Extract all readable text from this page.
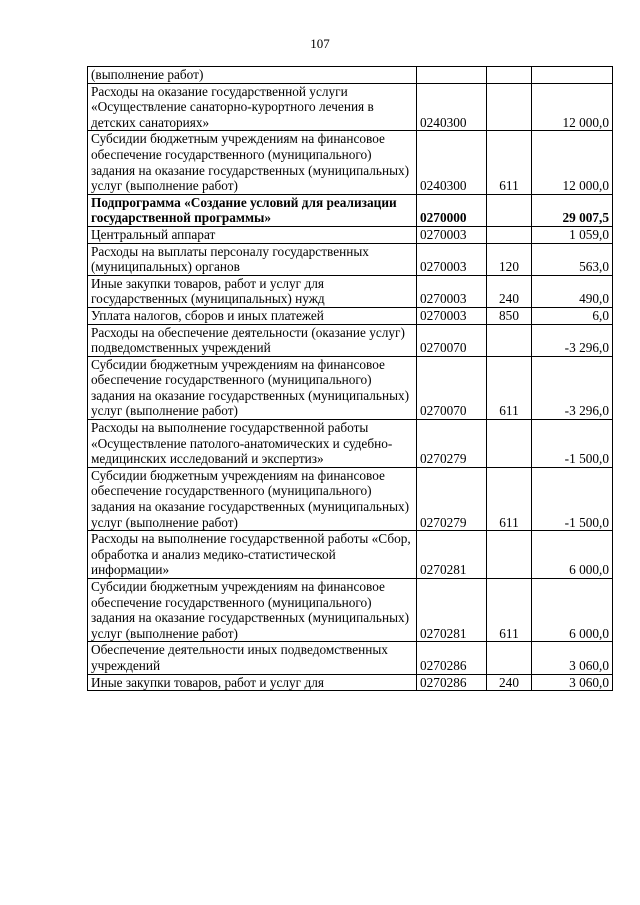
107
(выполнение работ)			
Расходы на оказание государственной услуги «Осуществление санаторно-курортного лечения в детских санаториях»	0240300		12 000,0
Субсидии бюджетным учреждениям на финансовое обеспечение государственного (муниципального) задания на оказание государственных (муниципальных) услуг (выполнение работ)	0240300	611	12 000,0
Подпрограмма «Создание условий для реализации государственной программы»	0270000		29 007,5
Центральный аппарат	0270003		1 059,0
Расходы на выплаты персоналу государственных (муниципальных) органов	0270003	120	563,0
Иные закупки товаров, работ и услуг для государственных (муниципальных) нужд	0270003	240	490,0
Уплата налогов, сборов и иных платежей	0270003	850	6,0
Расходы на обеспечение деятельности (оказание услуг) подведомственных учреждений	0270070		-3 296,0
Субсидии бюджетным учреждениям на финансовое обеспечение государственного (муниципального) задания на оказание государственных (муниципальных) услуг (выполнение работ)	0270070	611	-3 296,0
Расходы на выполнение государственной работы «Осуществление патолого-анатомических и судебно-медицинских исследований и экспертиз»	0270279		-1 500,0
Субсидии бюджетным учреждениям на финансовое обеспечение государственного (муниципального) задания на оказание государственных (муниципальных) услуг (выполнение работ)	0270279	611	-1 500,0
Расходы на выполнение государственной работы «Сбор, обработка и анализ медико-статистической информации»	0270281		6 000,0
Субсидии бюджетным учреждениям на финансовое обеспечение государственного (муниципального) задания на оказание государственных (муниципальных) услуг (выполнение работ)	0270281	611	6 000,0
Обеспечение деятельности иных подведомственных учреждений	0270286		3 060,0
Иные закупки товаров, работ и услуг для	0270286	240	3 060,0
